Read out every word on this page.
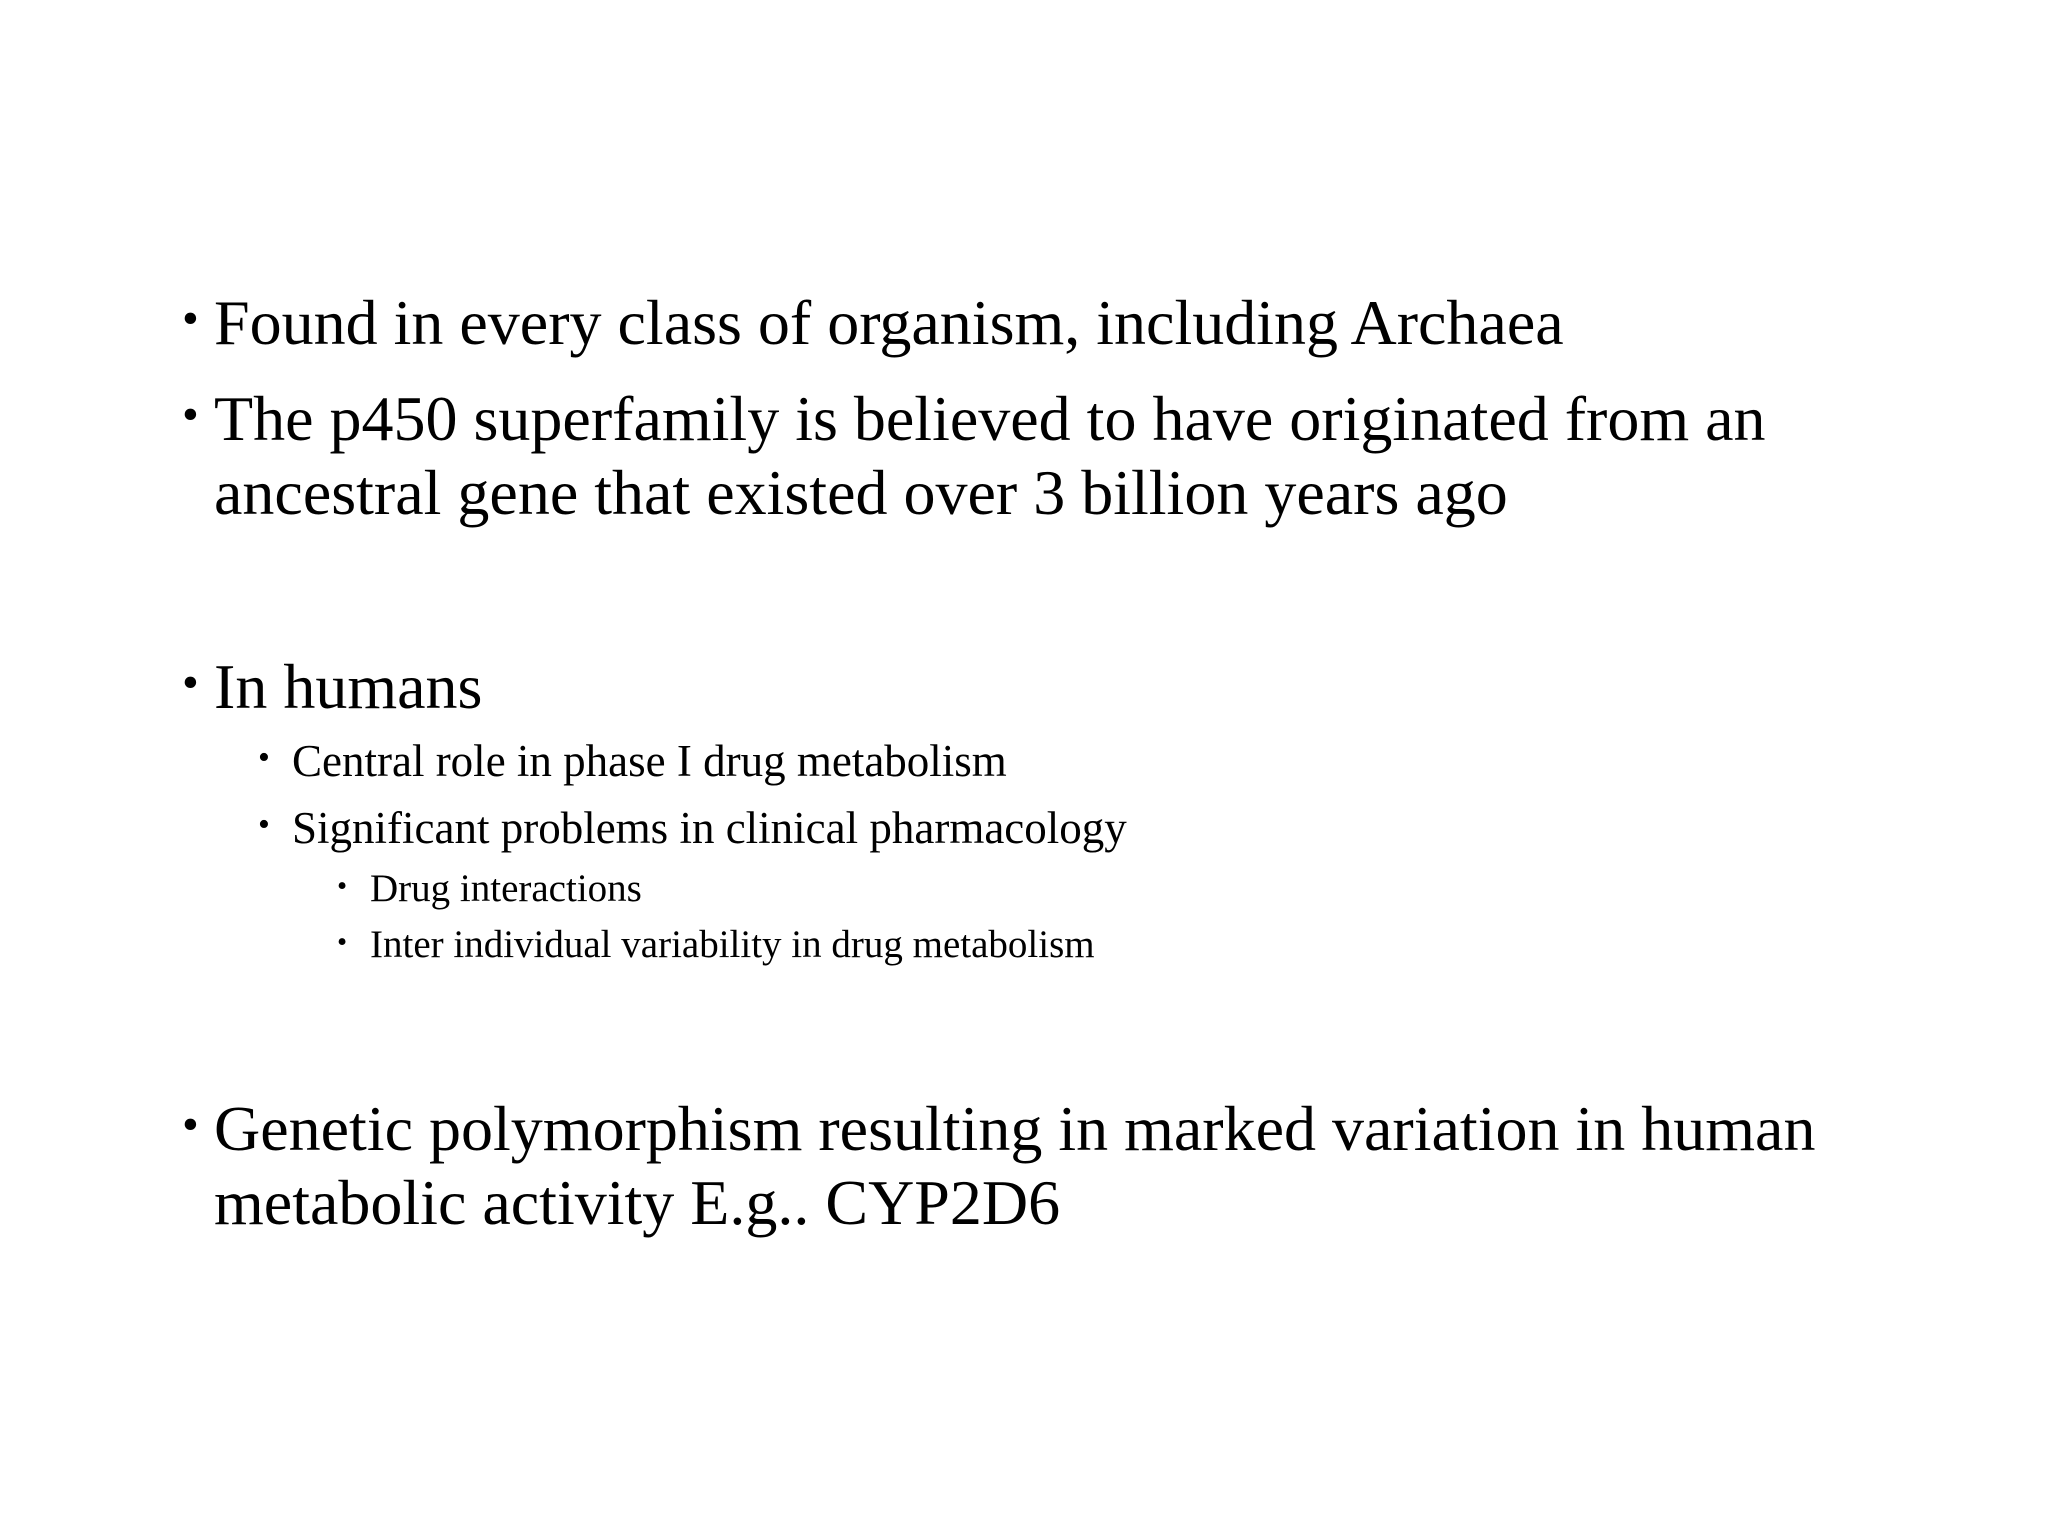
• Found in every class of organism, including Archaea
• The p450 superfamily is believed to have originated from an
ancestral gene that existed over 3 billion years ago
• In humans
• Central role in phase I drug metabolism
• Significant problems in clinical pharmacology
• Drug interactions
• Inter individual variability in drug metabolism
• Genetic polymorphism resulting in marked variation in human
metabolic activity E.g.. CYP2D6
